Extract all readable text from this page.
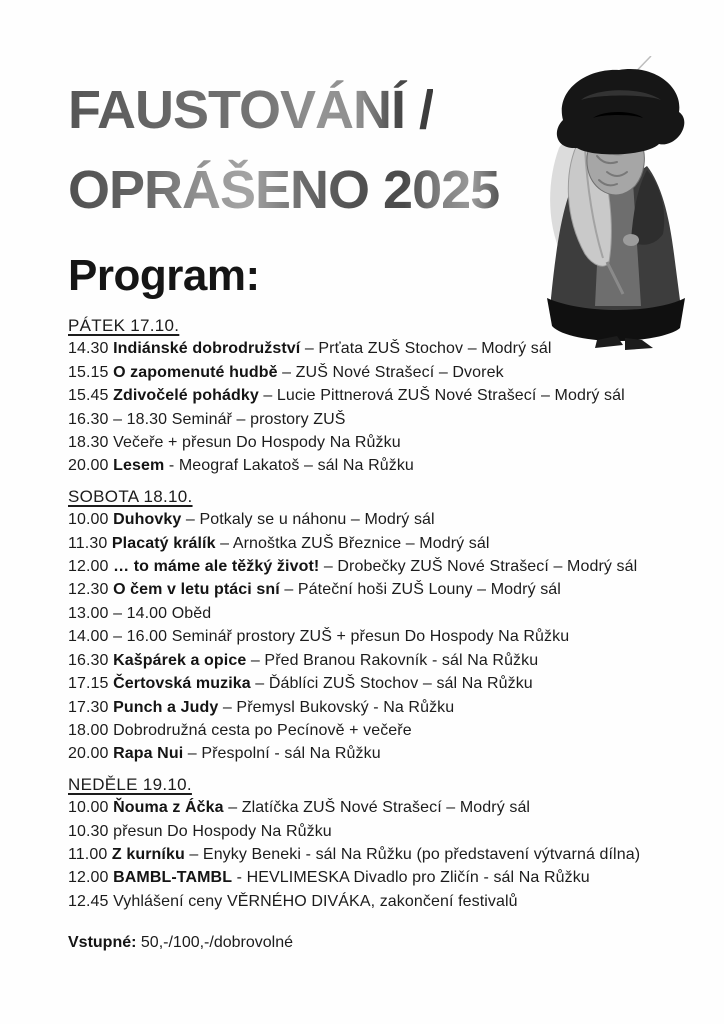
FAUSTOVÁNÍ /
OPRÁŠENO 2025
Program:
PÁTEK 17.10.
14.30 Indiánské dobrodružství – Prťata ZUŠ Stochov – Modrý sál
15.15 O zapomenuté hudbě – ZUŠ Nové Strašecí – Dvorek
15.45 Zdivočelé pohádky – Lucie Pittnerová ZUŠ Nové Strašecí – Modrý sál
16.30 – 18.30 Seminář – prostory ZUŠ
18.30 Večeře + přesun Do Hospody Na Růžku
20.00 Lesem - Meograf Lakatoš – sál Na Růžku
SOBOTA 18.10.
10.00 Duhovky – Potkaly se u náhonu – Modrý sál
11.30 Placatý králík – Arnoštka ZUŠ Březnice – Modrý sál
12.00 … to máme ale těžký život! – Drobečky ZUŠ Nové Strašecí – Modrý sál
12.30 O čem v letu ptáci sní – Páteční hoši ZUŠ Louny – Modrý sál
13.00 – 14.00 Oběd
14.00 – 16.00 Seminář prostory ZUŠ + přesun Do Hospody Na Růžku
16.30 Kašpárek a opice – Před Branou Rakovník - sál Na Růžku
17.15 Čertovská muzika – Ďáblíci ZUŠ Stochov – sál Na Růžku
17.30 Punch a Judy – Přemysl Bukovský - Na Růžku
18.00 Dobrodružná cesta po Pecínově + večeře
20.00 Rapa Nui – Přespolní - sál Na Růžku
NEDĚLE 19.10.
10.00 Ňouma z Áčka – Zlatíčka ZUŠ Nové Strašecí – Modrý sál
10.30 přesun Do Hospody Na Růžku
11.00 Z kurníku – Enyky Beneki - sál Na Růžku (po představení výtvarná dílna)
12.00 BAMBL-TAMBL - HEVLIMESKA Divadlo pro Zličín - sál Na Růžku
12.45 Vyhlášení ceny VĚRNÉHO DIVÁKA, zakončení festivalů
Vstupné: 50,-/100,-/dobrovolné
